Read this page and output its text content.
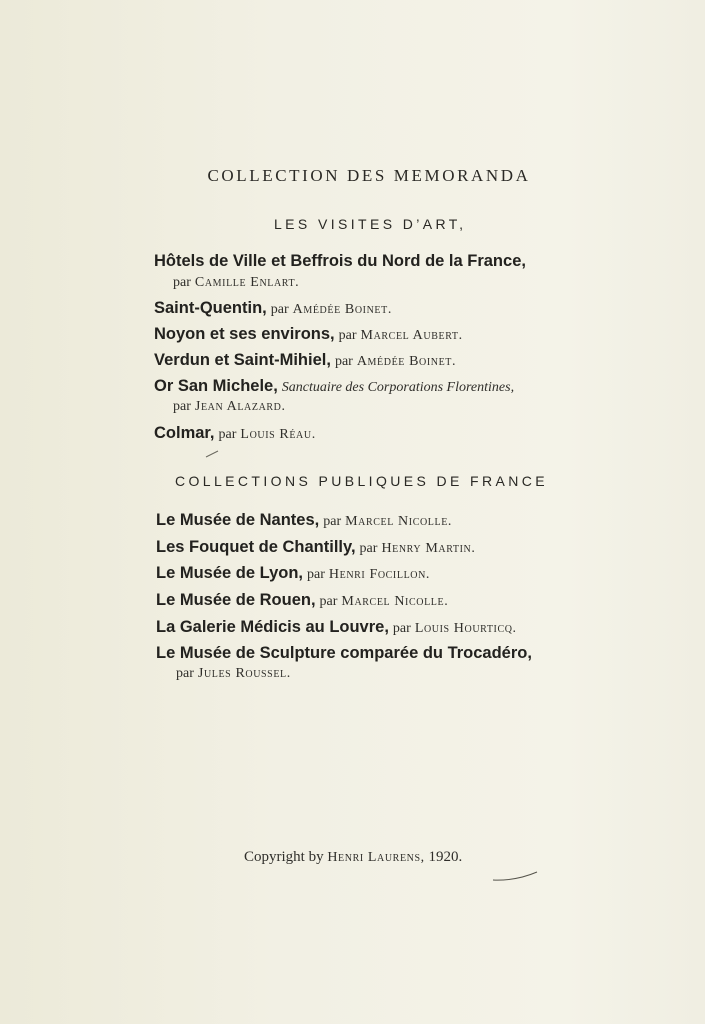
COLLECTION DES MEMORANDA
LES VISITES D’ART,
Hôtels de Ville et Beffrois du Nord de la France,
par Camille Enlart.
Saint-Quentin, par Amédée Boinet.
Noyon et ses environs, par Marcel Aubert.
Verdun et Saint-Mihiel, par Amédée Boinet.
Or San Michele, Sanctuaire des Corporations Florentines,
par Jean Alazard.
Colmar, par Louis Réau.
COLLECTIONS PUBLIQUES DE FRANCE
Le Musée de Nantes, par Marcel Nicolle.
Les Fouquet de Chantilly, par Henry Martin.
Le Musée de Lyon, par Henri Focillon.
Le Musée de Rouen, par Marcel Nicolle.
La Galerie Médicis au Louvre, par Louis Hourticq.
Le Musée de Sculpture comparée du Trocadéro,
par Jules Roussel.
Copyright by Henri Laurens, 1920.
